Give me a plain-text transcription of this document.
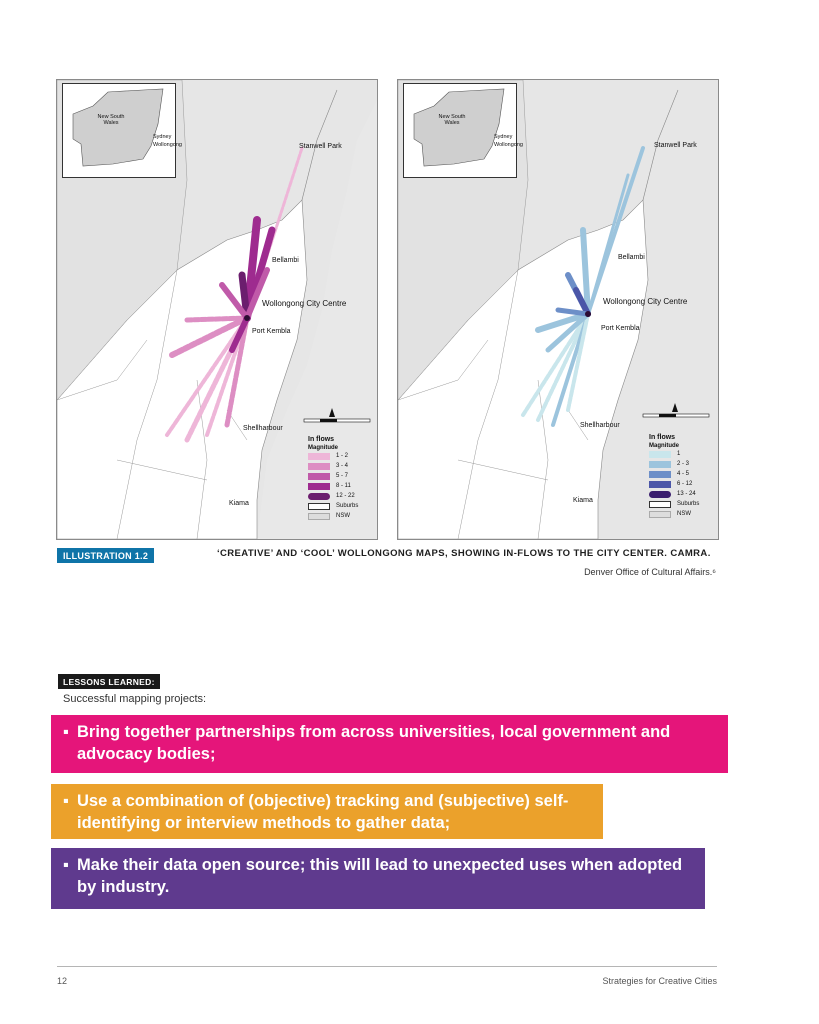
New South Wales
Sydney
Wollongong	Stanwell Park
Bellambi
Wollongong City Centre
Port Kembla
Shellharbour
Kiama
In flows
Magnitude
1 - 2
3 - 4
5 - 7
8 - 11
12 - 22
Suburbs
NSW
New South Wales
Sydney
Wollongong	Stanwell Park
Bellambi
Wollongong City Centre
Port Kembla
Shellharbour
Kiama
In flows
Magnitude
1
2 - 3
4 - 5
6 - 12
13 - 24
Suburbs
NSW
ILLUSTRATION 1.2	‘CREATIVE’ AND ‘COOL’ WOLLONGONG MAPS, SHOWING IN-FLOWS TO THE CITY CENTER. CAMRA.
Denver Office of Cultural Affairs.⁶
LESSONS LEARNED:
Successful mapping projects:
▪ Bring together partnerships from across universities, local government and advocacy bodies;
▪ Use a combination of (objective) tracking and (subjective) self-identifying or interview methods to gather data;
▪ Make their data open source; this will lead to unexpected uses when adopted by industry.
12	Strategies for Creative Cities
